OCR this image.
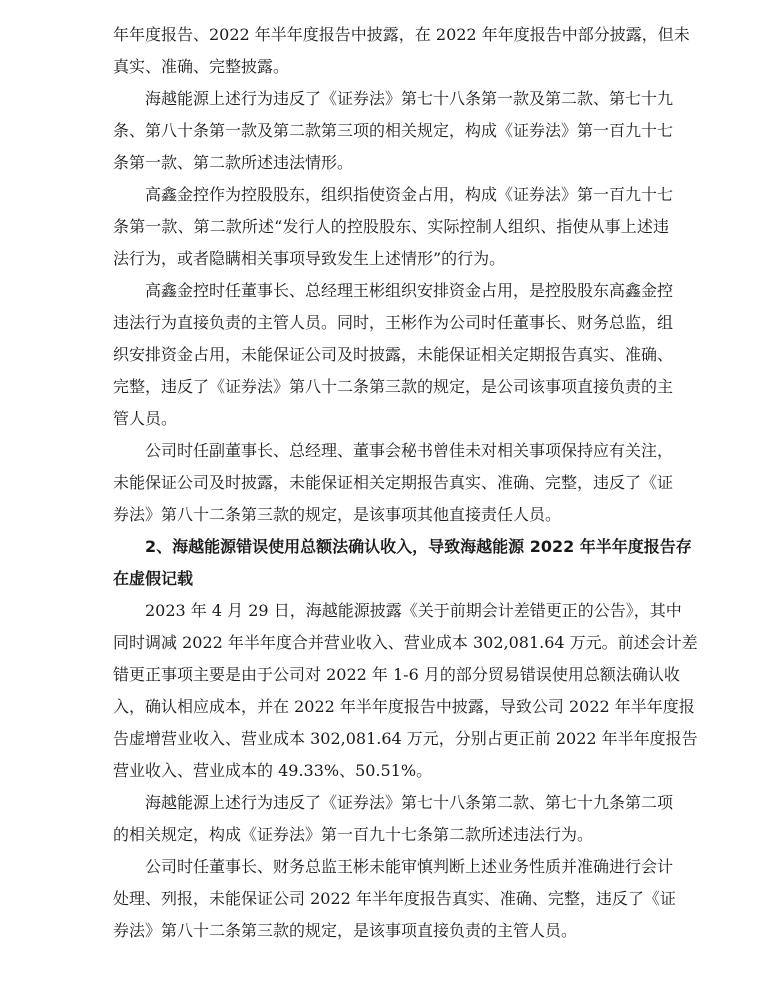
年年度报告、2022 年半年度报告中披露，在 2022 年年度报告中部分披露，但未
真实、准确、完整披露。
海越能源上述行为违反了《证券法》第七十八条第一款及第二款、第七十九
条、第八十条第一款及第二款第三项的相关规定，构成《证券法》第一百九十七
条第一款、第二款所述违法情形。
高鑫金控作为控股股东，组织指使资金占用，构成《证券法》第一百九十七
条第一款、第二款所述“发行人的控股股东、实际控制人组织、指使从事上述违
法行为，或者隐瞒相关事项导致发生上述情形”的行为。
高鑫金控时任董事长、总经理王彬组织安排资金占用，是控股股东高鑫金控
违法行为直接负责的主管人员。同时，王彬作为公司时任董事长、财务总监，组
织安排资金占用，未能保证公司及时披露，未能保证相关定期报告真实、准确、
完整，违反了《证券法》第八十二条第三款的规定，是公司该事项直接负责的主
管人员。
公司时任副董事长、总经理、董事会秘书曾佳未对相关事项保持应有关注，
未能保证公司及时披露，未能保证相关定期报告真实、准确、完整，违反了《证
券法》第八十二条第三款的规定，是该事项其他直接责任人员。
2、海越能源错误使用总额法确认收入，导致海越能源 2022 年半年度报告存
在虚假记载
2023 年 4 月 29 日，海越能源披露《关于前期会计差错更正的公告》，其中
同时调减 2022 年半年度合并营业收入、营业成本 302,081.64 万元。前述会计差
错更正事项主要是由于公司对 2022 年 1-6 月的部分贸易错误使用总额法确认收
入，确认相应成本，并在 2022 年半年度报告中披露，导致公司 2022 年半年度报
告虚增营业收入、营业成本 302,081.64 万元，分别占更正前 2022 年半年度报告
营业收入、营业成本的 49.33%、50.51%。
海越能源上述行为违反了《证券法》第七十八条第二款、第七十九条第二项
的相关规定，构成《证券法》第一百九十七条第二款所述违法行为。
公司时任董事长、财务总监王彬未能审慎判断上述业务性质并准确进行会计
处理、列报，未能保证公司 2022 年半年度报告真实、准确、完整，违反了《证
券法》第八十二条第三款的规定，是该事项直接负责的主管人员。
